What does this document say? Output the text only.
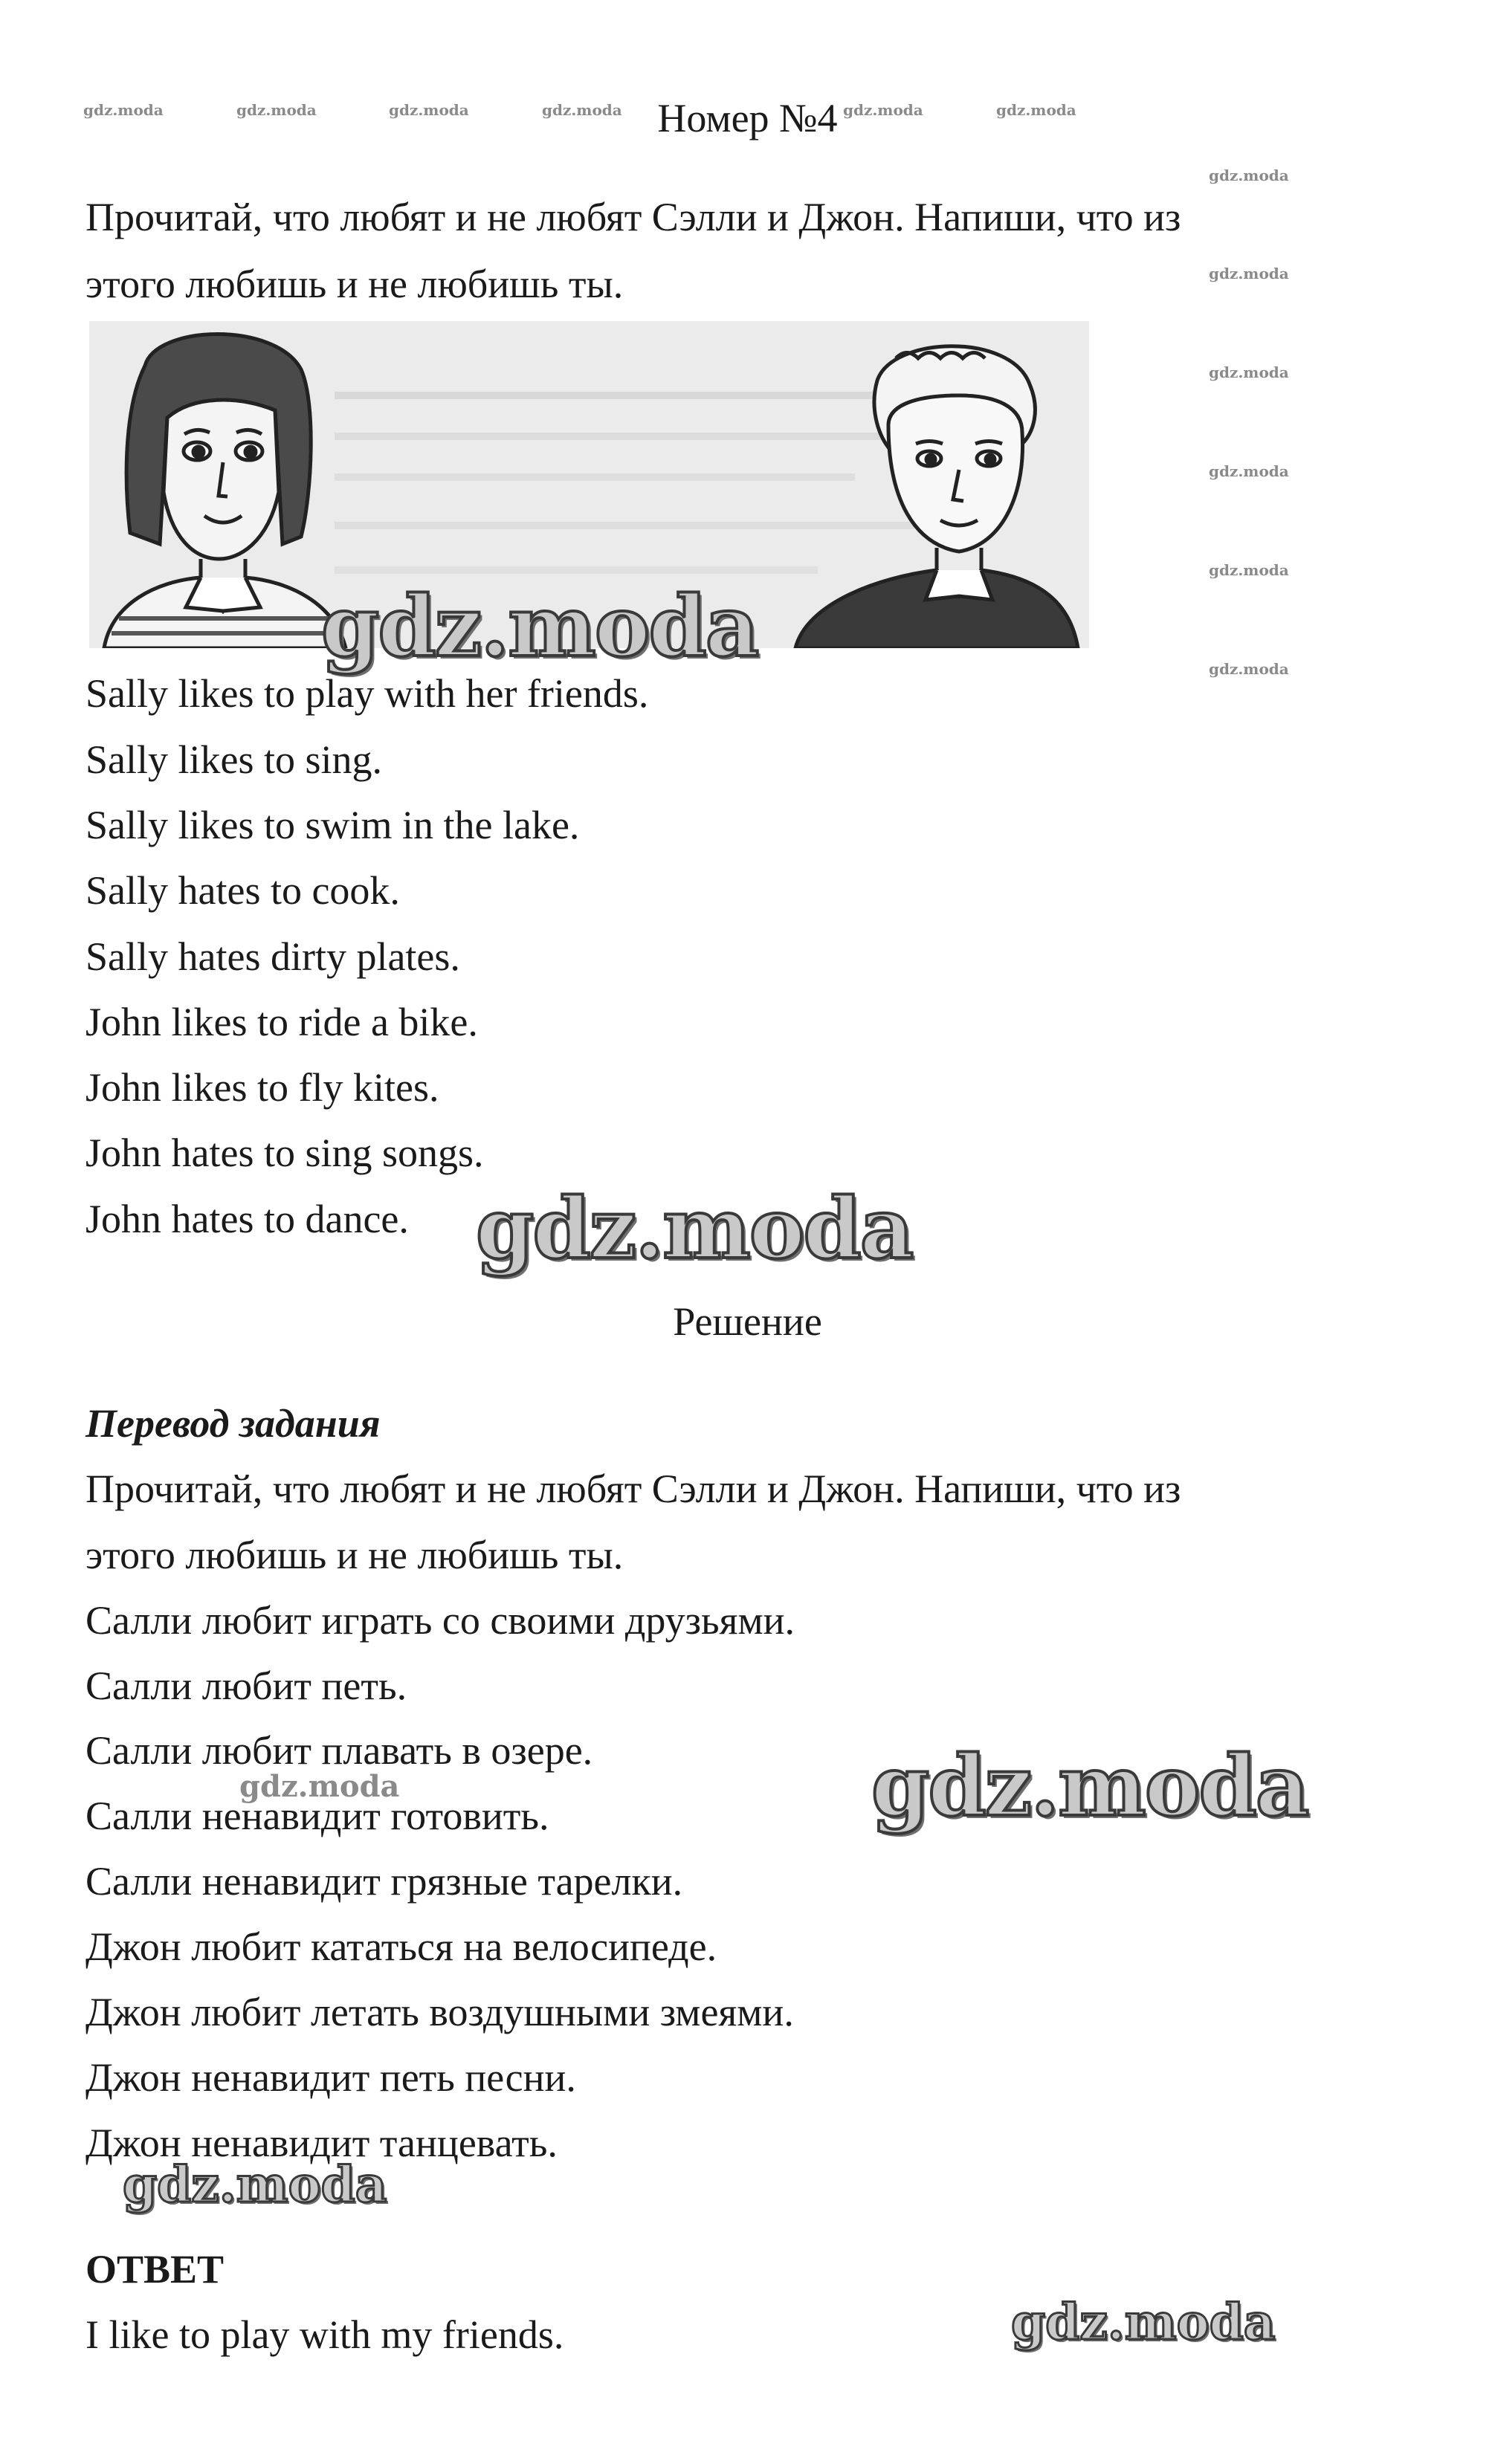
gdz.moda	gdz.moda	gdz.moda	gdz.moda	gdz.moda	gdz.moda
gdz.moda
gdz.moda
gdz.moda
gdz.moda
gdz.moda
gdz.moda
Номер №4
Прочитай, что любят и не любят Сэлли и Джон. Напиши, что из
этого любишь и не любишь ты.
gdz.moda
Sally likes to play with her friends.
Sally likes to sing.
Sally likes to swim in the lake.
Sally hates to cook.
Sally hates dirty plates.
John likes to ride a bike.
John likes to fly kites.
John hates to sing songs.
John hates to dance. gdz.moda
Решение
Перевод задания
Прочитай, что любят и не любят Сэлли и Джон. Напиши, что из
этого любишь и не любишь ты.
Салли любит играть со своими друзьями.
Салли любит петь.
Салли любит плавать в озере.
Салли ненавидит готовить.
Салли ненавидит грязные тарелки.
Джон любит кататься на велосипеде.
Джон любит летать воздушными змеями.
Джон ненавидит петь песни.
Джон ненавидит танцевать.
gdz.moda	gdz.moda
gdz.moda
ОТВЕТ
I like to play with my friends.	gdz.moda
